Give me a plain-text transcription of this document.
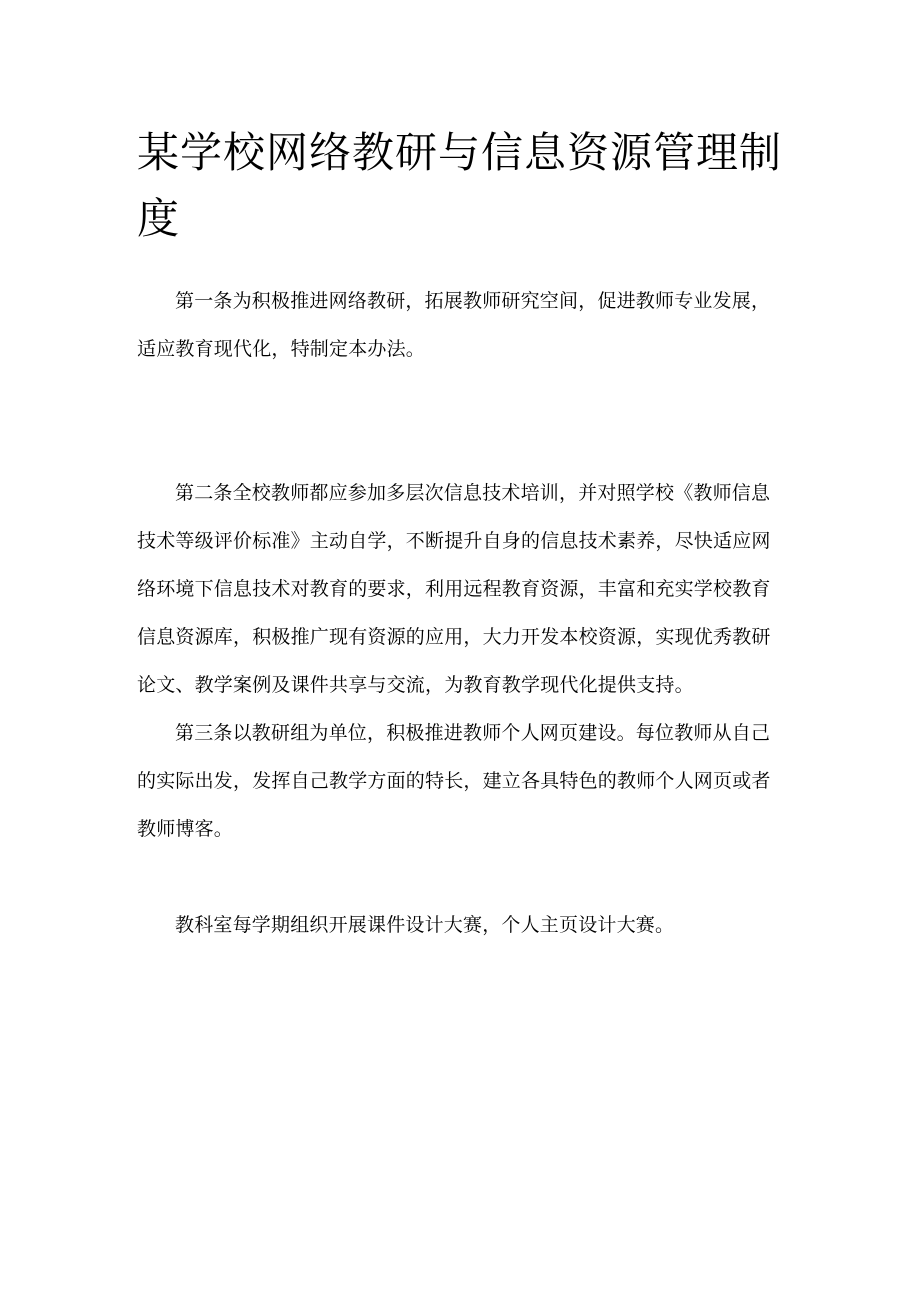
某学校网络教研与信息资源管理制度

第一条为积极推进网络教研，拓展教师研究空间，促进教师专业发展，适应教育现代化，特制定本办法。

第二条全校教师都应参加多层次信息技术培训，并对照学校《教师信息技术等级评价标准》主动自学，不断提升自身的信息技术素养，尽快适应网络环境下信息技术对教育的要求，利用远程教育资源，丰富和充实学校教育信息资源库，积极推广现有资源的应用，大力开发本校资源，实现优秀教研论文、教学案例及课件共享与交流，为教育教学现代化提供支持。

第三条以教研组为单位，积极推进教师个人网页建设。每位教师从自己的实际出发，发挥自己教学方面的特长，建立各具特色的教师个人网页或者教师博客。

教科室每学期组织开展课件设计大赛，个人主页设计大赛。
